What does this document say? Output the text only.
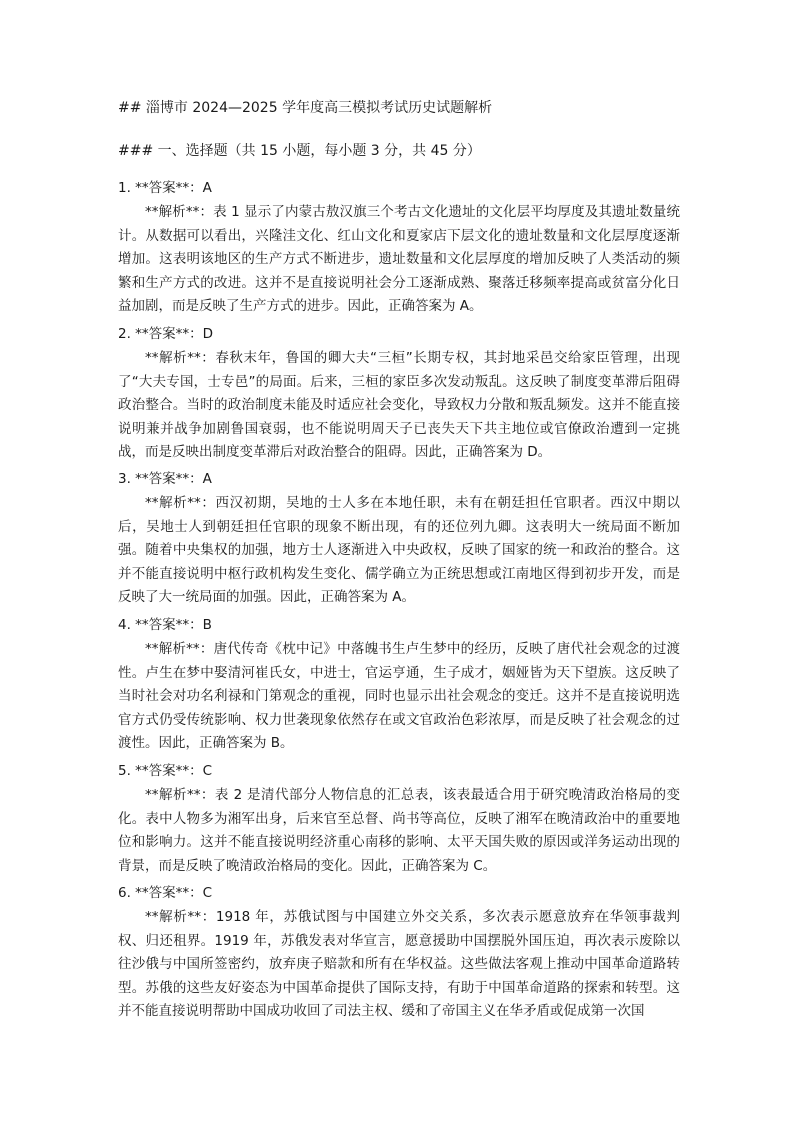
## 淄博市 2024—2025 学年度高三模拟考试历史试题解析
### 一、选择题（共 15 小题，每小题 3 分，共 45 分）
1. **答案**：A
**解析**：表 1 显示了内蒙古敖汉旗三个考古文化遗址的文化层平均厚度及其遗址数量统计。从数据可以看出，兴隆洼文化、红山文化和夏家店下层文化的遗址数量和文化层厚度逐渐增加。这表明该地区的生产方式不断进步，遗址数量和文化层厚度的增加反映了人类活动的频繁和生产方式的改进。这并不是直接说明社会分工逐渐成熟、聚落迁移频率提高或贫富分化日益加剧，而是反映了生产方式的进步。因此，正确答案为 A。
2. **答案**：D
**解析**：春秋末年，鲁国的卿大夫“三桓”长期专权，其封地采邑交给家臣管理，出现了“大夫专国，士专邑”的局面。后来，三桓的家臣多次发动叛乱。这反映了制度变革滞后阻碍政治整合。当时的政治制度未能及时适应社会变化，导致权力分散和叛乱频发。这并不能直接说明兼并战争加剧鲁国衰弱，也不能说明周天子已丧失天下共主地位或官僚政治遭到一定挑战，而是反映出制度变革滞后对政治整合的阻碍。因此，正确答案为 D。
3. **答案**：A
**解析**：西汉初期，吴地的士人多在本地任职，未有在朝廷担任官职者。西汉中期以后，吴地士人到朝廷担任官职的现象不断出现，有的还位列九卿。这表明大一统局面不断加强。随着中央集权的加强，地方士人逐渐进入中央政权，反映了国家的统一和政治的整合。这并不能直接说明中枢行政机构发生变化、儒学确立为正统思想或江南地区得到初步开发，而是反映了大一统局面的加强。因此，正确答案为 A。
4. **答案**：B
**解析**：唐代传奇《枕中记》中落魄书生卢生梦中的经历，反映了唐代社会观念的过渡性。卢生在梦中娶清河崔氏女，中进士，官运亨通，生子成才，姻娅皆为天下望族。这反映了当时社会对功名利禄和门第观念的重视，同时也显示出社会观念的变迁。这并不是直接说明选官方式仍受传统影响、权力世袭现象依然存在或文官政治色彩浓厚，而是反映了社会观念的过渡性。因此，正确答案为 B。
5. **答案**：C
**解析**：表 2 是清代部分人物信息的汇总表，该表最适合用于研究晚清政治格局的变化。表中人物多为湘军出身，后来官至总督、尚书等高位，反映了湘军在晚清政治中的重要地位和影响力。这并不能直接说明经济重心南移的影响、太平天国失败的原因或洋务运动出现的背景，而是反映了晚清政治格局的变化。因此，正确答案为 C。
6. **答案**：C
**解析**：1918 年，苏俄试图与中国建立外交关系，多次表示愿意放弃在华领事裁判权、归还租界。1919 年，苏俄发表对华宣言，愿意援助中国摆脱外国压迫，再次表示废除以往沙俄与中国所签密约，放弃庚子赔款和所有在华权益。这些做法客观上推动中国革命道路转型。苏俄的这些友好姿态为中国革命提供了国际支持，有助于中国革命道路的探索和转型。这并不能直接说明帮助中国成功收回了司法主权、缓和了帝国主义在华矛盾或促成第一次国
